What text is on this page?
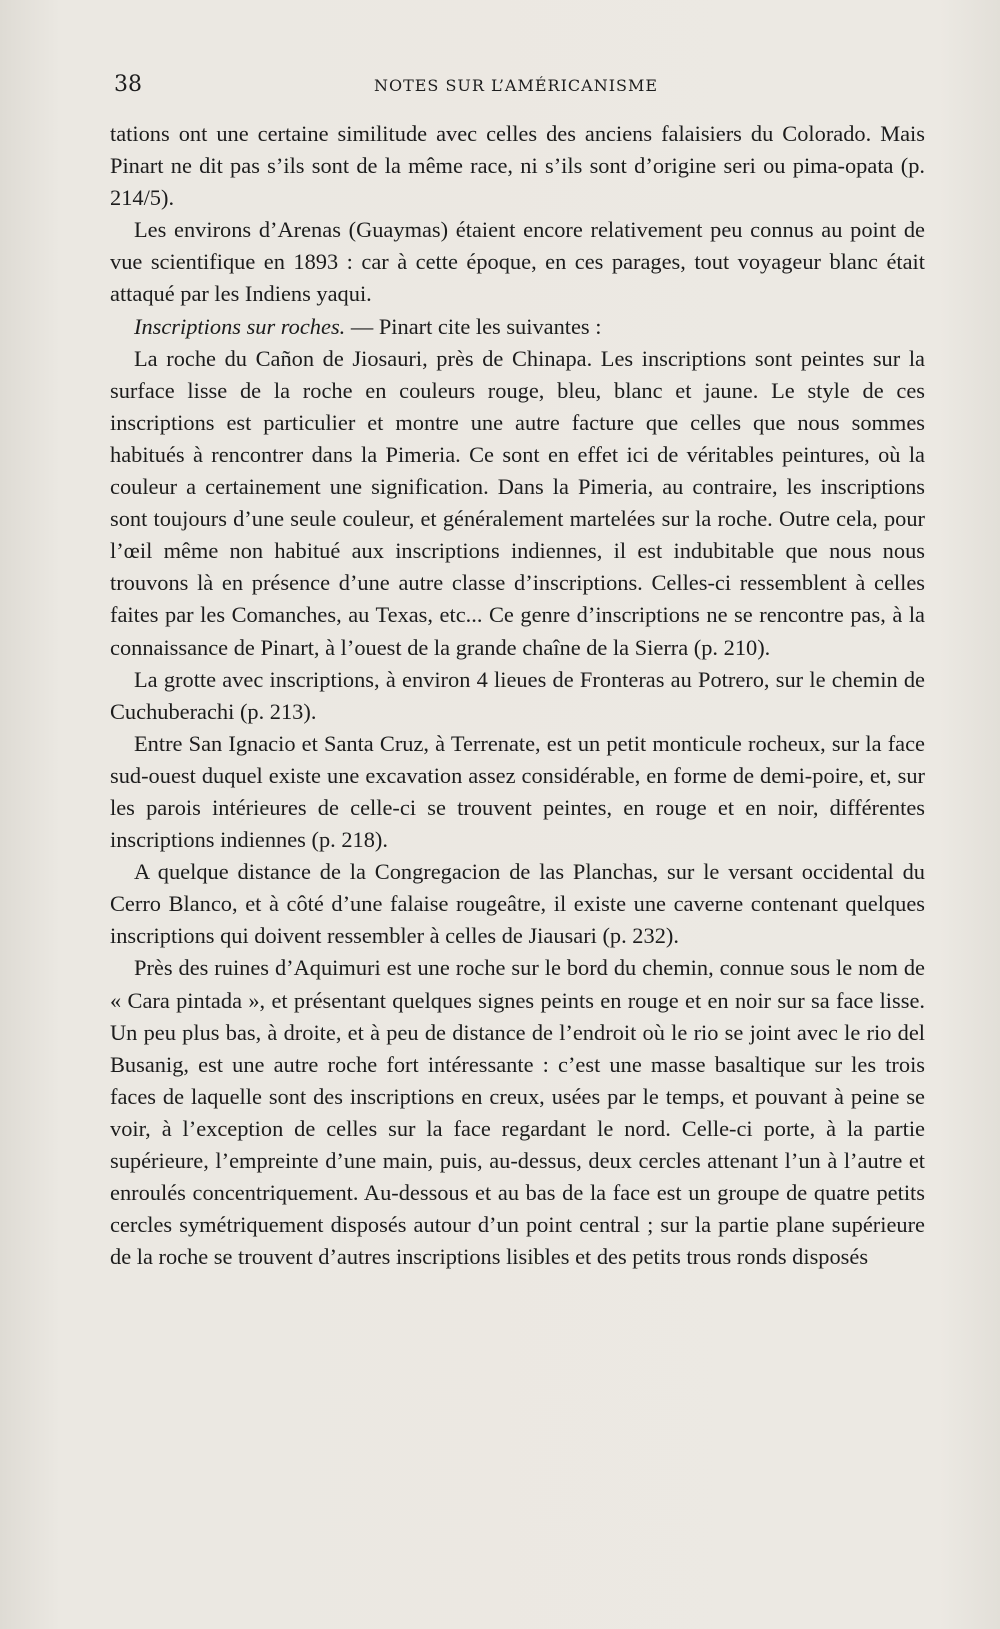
38	NOTES SUR L’AMÉRICANISME

tations ont une certaine similitude avec celles des anciens falaisiers du Colorado. Mais Pinart ne dit pas s’ils sont de la même race, ni s’ils sont d’origine seri ou pima-opata (p. 214/5).

Les environs d’Arenas (Guaymas) étaient encore relativement peu connus au point de vue scientifique en 1893 : car à cette époque, en ces parages, tout voyageur blanc était attaqué par les Indiens yaqui.

Inscriptions sur roches. — Pinart cite les suivantes :

La roche du Cañon de Jiosauri, près de Chinapa. Les inscriptions sont peintes sur la surface lisse de la roche en couleurs rouge, bleu, blanc et jaune. Le style de ces inscriptions est particulier et montre une autre facture que celles que nous sommes habitués à rencontrer dans la Pimeria. Ce sont en effet ici de véritables peintures, où la couleur a certainement une signification. Dans la Pimeria, au contraire, les inscriptions sont toujours d’une seule couleur, et généralement martelées sur la roche. Outre cela, pour l’œil même non habitué aux inscriptions indiennes, il est indubitable que nous nous trouvons là en présence d’une autre classe d’inscriptions. Celles-ci ressemblent à celles faites par les Comanches, au Texas, etc... Ce genre d’inscriptions ne se rencontre pas, à la connaissance de Pinart, à l’ouest de la grande chaîne de la Sierra (p. 210).

La grotte avec inscriptions, à environ 4 lieues de Fronteras au Potrero, sur le chemin de Cuchuberachi (p. 213).

Entre San Ignacio et Santa Cruz, à Terrenate, est un petit monticule rocheux, sur la face sud-ouest duquel existe une excavation assez considérable, en forme de demi-poire, et, sur les parois intérieures de celle-ci se trouvent peintes, en rouge et en noir, différentes inscriptions indiennes (p. 218).

A quelque distance de la Congregacion de las Planchas, sur le versant occidental du Cerro Blanco, et à côté d’une falaise rougeâtre, il existe une caverne contenant quelques inscriptions qui doivent ressembler à celles de Jiausari (p. 232).

Près des ruines d’Aquimuri est une roche sur le bord du chemin, connue sous le nom de « Cara pintada », et présentant quelques signes peints en rouge et en noir sur sa face lisse. Un peu plus bas, à droite, et à peu de distance de l’endroit où le rio se joint avec le rio del Busanig, est une autre roche fort intéressante : c’est une masse basaltique sur les trois faces de laquelle sont des inscriptions en creux, usées par le temps, et pouvant à peine se voir, à l’exception de celles sur la face regardant le nord. Celle-ci porte, à la partie supérieure, l’empreinte d’une main, puis, au-dessus, deux cercles attenant l’un à l’autre et enroulés concentriquement. Au-dessous et au bas de la face est un groupe de quatre petits cercles symétriquement disposés autour d’un point central ; sur la partie plane supérieure de la roche se trouvent d’autres inscriptions lisibles et des petits trous ronds disposés
